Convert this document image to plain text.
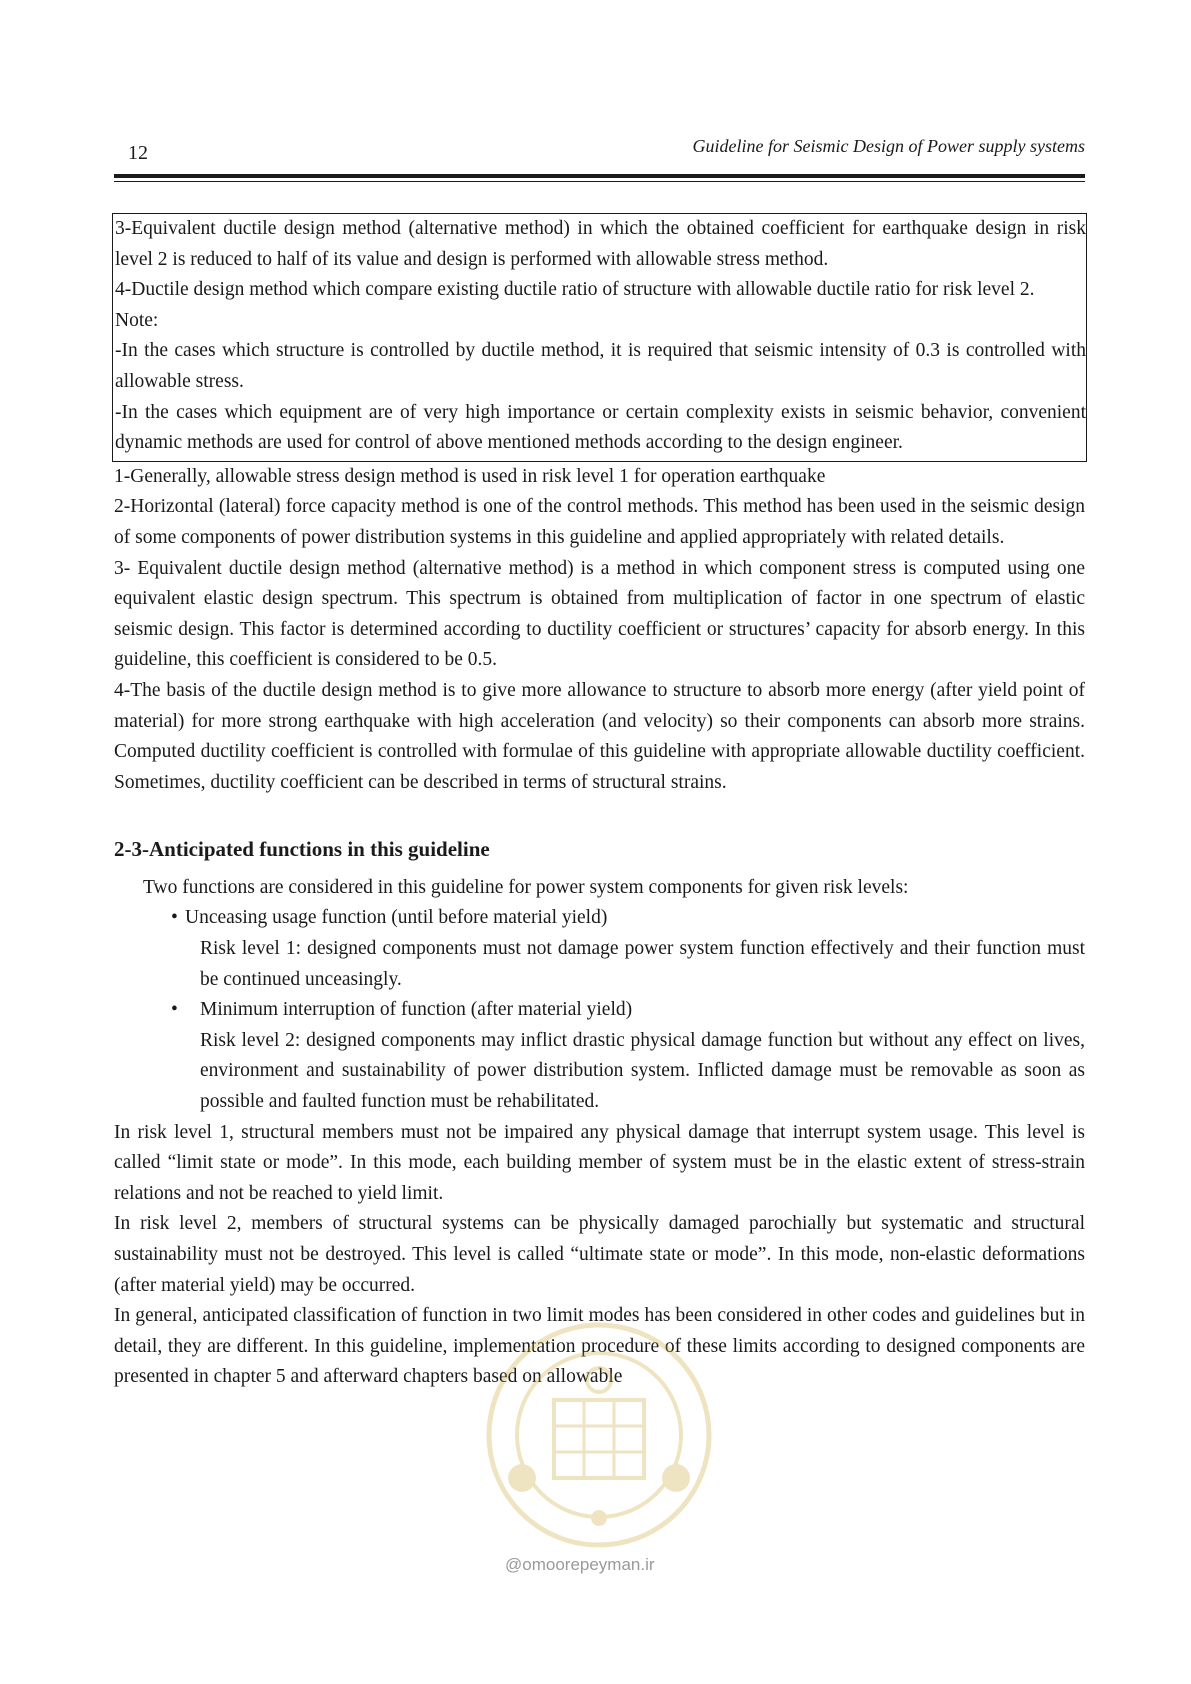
12	Guideline for Seismic Design of Power supply systems

3-Equivalent ductile design method (alternative method) in which the obtained coefficient for earthquake design in risk level 2 is reduced to half of its value and design is performed with allowable stress method.

4-Ductile design method which compare existing ductile ratio of structure with allowable ductile ratio for risk level 2.

Note:

-In the cases which structure is controlled by ductile method, it is required that seismic intensity of 0.3 is controlled with allowable stress.

-In the cases which equipment are of very high importance or certain complexity exists in seismic behavior, convenient dynamic methods are used for control of above mentioned methods according to the design engineer.

1-Generally, allowable stress design method is used in risk level 1 for operation earthquake

2-Horizontal (lateral) force capacity method is one of the control methods. This method has been used in the seismic design of some components of power distribution systems in this guideline and applied appropriately with related details.

3- Equivalent ductile design method (alternative method) is a method in which component stress is computed using one equivalent elastic design spectrum. This spectrum is obtained from multiplication of factor in one spectrum of elastic seismic design. This factor is determined according to ductility coefficient or structures’ capacity for absorb energy. In this guideline, this coefficient is considered to be 0.5.

4-The basis of the ductile design method is to give more allowance to structure to absorb more energy (after yield point of material) for more strong earthquake with high acceleration (and velocity) so their components can absorb more strains. Computed ductility coefficient is controlled with formulae of this guideline with appropriate allowable ductility coefficient. Sometimes, ductility coefficient can be described in terms of structural strains.

2-3-Anticipated functions in this guideline
Two functions are considered in this guideline for power system components for given risk levels:
• Unceasing usage function (until before material yield)
Risk level 1: designed components must not damage power system function effectively and their function must be continued unceasingly.
• Minimum interruption of function (after material yield)
Risk level 2: designed components may inflict drastic physical damage function but without any effect on lives, environment and sustainability of power distribution system. Inflicted damage must be removable as soon as possible and faulted function must be rehabilitated.

In risk level 1, structural members must not be impaired any physical damage that interrupt system usage. This level is called “limit state or mode”. In this mode, each building member of system must be in the elastic extent of stress-strain relations and not be reached to yield limit.

In risk level 2, members of structural systems can be physically damaged parochially but systematic and structural sustainability must not be destroyed. This level is called “ultimate state or mode”. In this mode, non-elastic deformations (after material yield) may be occurred.

In general, anticipated classification of function in two limit modes has been considered in other codes and guidelines but in detail, they are different. In this guideline, implementation procedure of these limits according to designed components are presented in chapter 5 and afterward chapters based on allowable

@omoorepeyman.ir
